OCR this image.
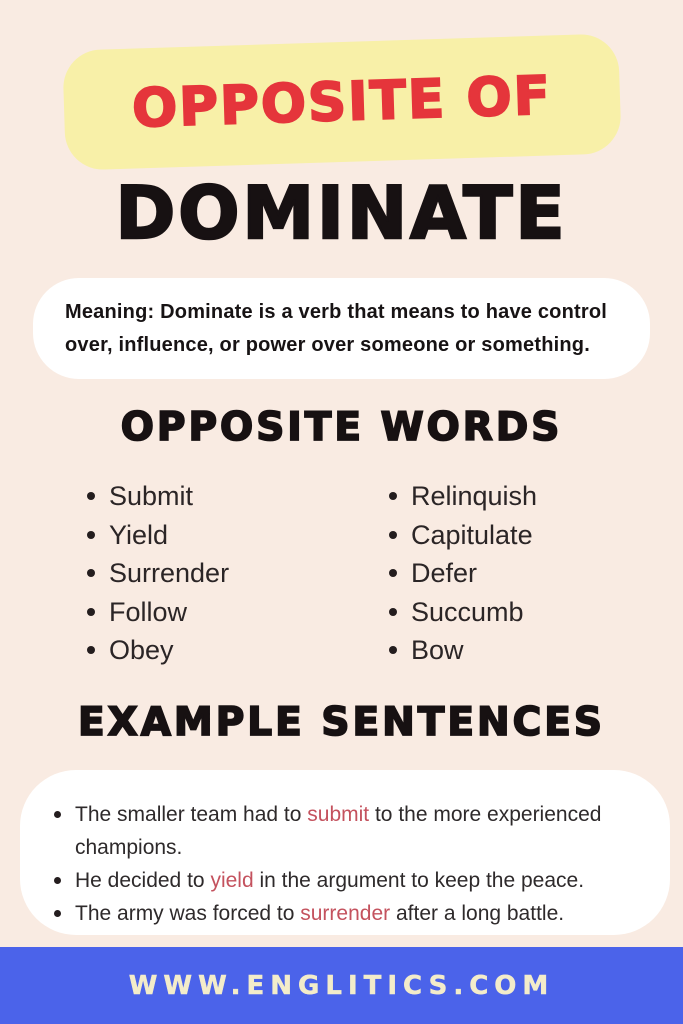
OPPOSITE OF
DOMINATE

Meaning: Dominate is a verb that means to have control over, influence, or power over someone or something.

OPPOSITE WORDS
Submit
Yield
Surrender
Follow
Obey
Relinquish
Capitulate
Defer
Succumb
Bow
EXAMPLE SENTENCES
The smaller team had to submit to the more experienced champions.
He decided to yield in the argument to keep the peace.
The army was forced to surrender after a long battle.
WWW.ENGLITICS.COM
